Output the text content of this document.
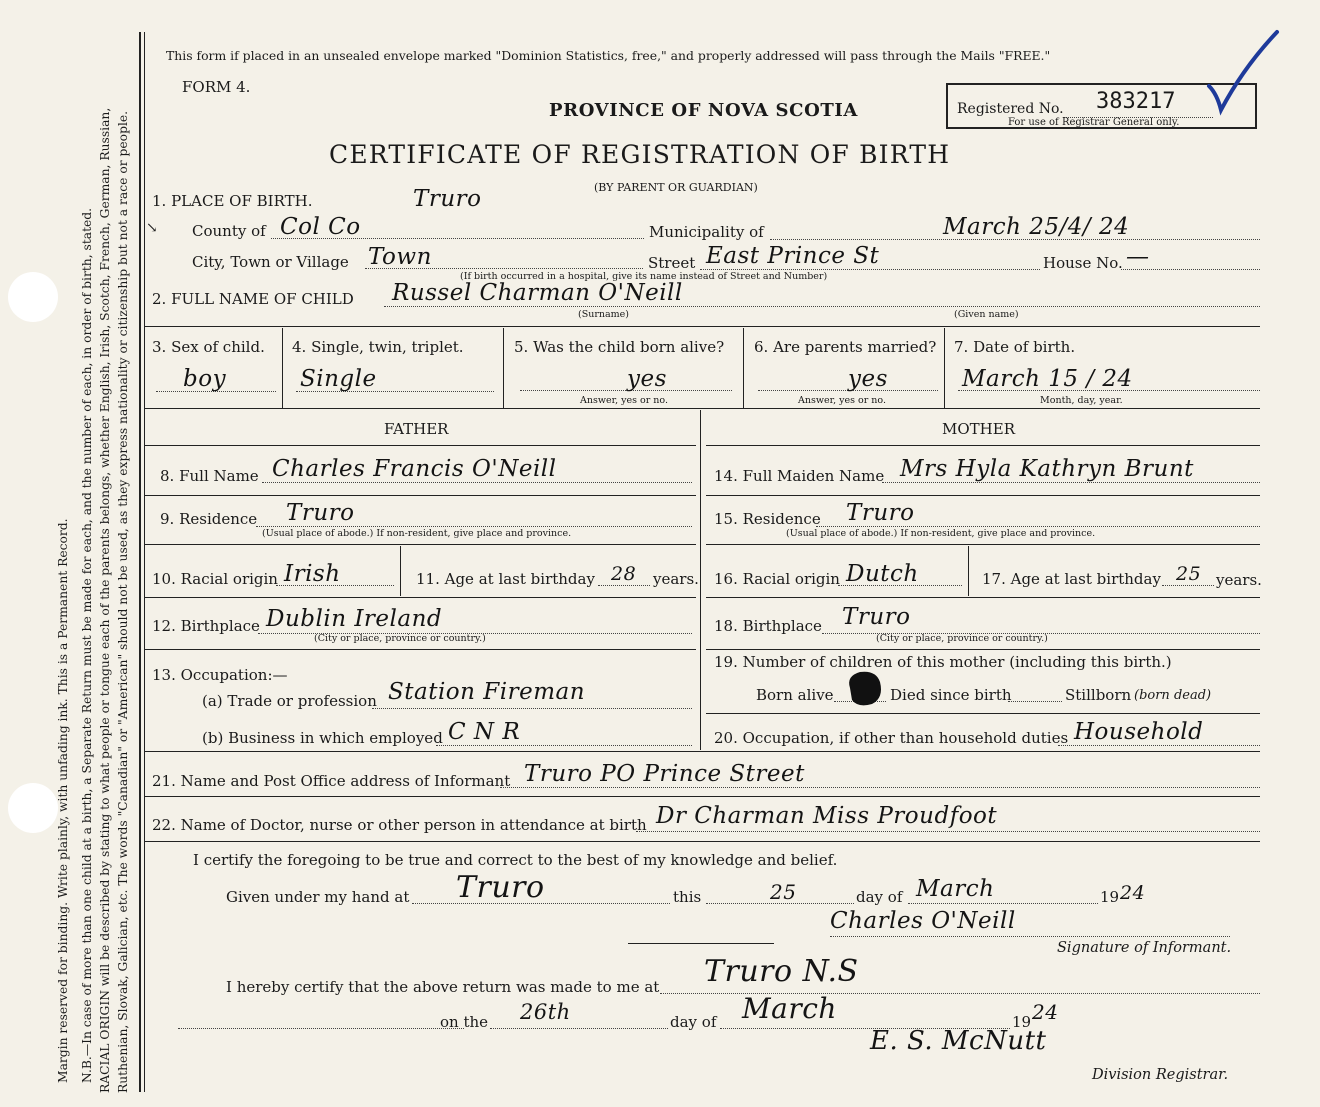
Margin reserved for binding. Write plainly, with unfading ink. This is a Permanent Record. N.B.—In case of more than one child at a birth, a Separate Return must be made for each, and the number of each, in order of birth, stated. RACIAL ORIGIN will be described by stating to what people or tongue each of the parents belongs, whether English, Irish, Scotch, French, German, Russian, Ruthenian, Slovak, Galician, etc. The words "Canadian" or "American" should not be used, as they express nationality or citizenship but not a race or people.
This form if placed in an unsealed envelope marked "Dominion Statistics, free," and properly addressed will pass through the Mails "FREE."
FORM 4.
PROVINCE OF NOVA SCOTIA
CERTIFICATE OF REGISTRATION OF BIRTH
(BY PARENT OR GUARDIAN)
Registered No. 383217
For use of Registrar General only.
↘
1. PLACE OF BIRTH.	Truro
County of Col Co	Municipality of	March 25/4/ 24
City, Town or Village Town	Street East Prince St	House No. —
(If birth occurred in a hospital, give its name instead of Street and Number)
2. FULL NAME OF CHILD Russel Charman O'Neill
(Surname)	(Given name)
3. Sex of child.
boy
4. Single, twin, triplet.
Single
5. Was the child born alive?
yes
Answer, yes or no.
6. Are parents married?
yes
Answer, yes or no.
7. Date of birth.
March 15 / 24
Month, day, year.
FATHER	MOTHER
8. Full Name Charles Francis O'Neill
9. Residence Truro
(Usual place of abode.) If non-resident, give place and province.
10. Racial origin Irish	11. Age at last birthday 28 years.
12. Birthplace Dublin Ireland
(City or place, province or country.)
13. Occupation:—
(a) Trade or profession Station Fireman
(b) Business in which employed C N R
14. Full Maiden Name Mrs Hyla Kathryn Brunt
15. Residence Truro
(Usual place of abode.) If non-resident, give place and province.
16. Racial origin Dutch	17. Age at last birthday 25 years.
18. Birthplace Truro
(City or place, province or country.)
19. Number of children of this mother (including this birth.)
Born alive	Died since birth	Stillborn (born dead)
20. Occupation, if other than household duties Household
21. Name and Post Office address of Informant Truro PO Prince Street
22. Name of Doctor, nurse or other person in attendance at birth Dr Charman Miss Proudfoot
I certify the foregoing to be true and correct to the best of my knowledge and belief.
Given under my hand at Truro	this	25	day of March	19 24
Charles O'Neill
Signature of Informant.
I hereby certify that the above return was made to me at Truro N.S
on the 26th	day of March	19 24
E. S. McNutt
Division Registrar.
